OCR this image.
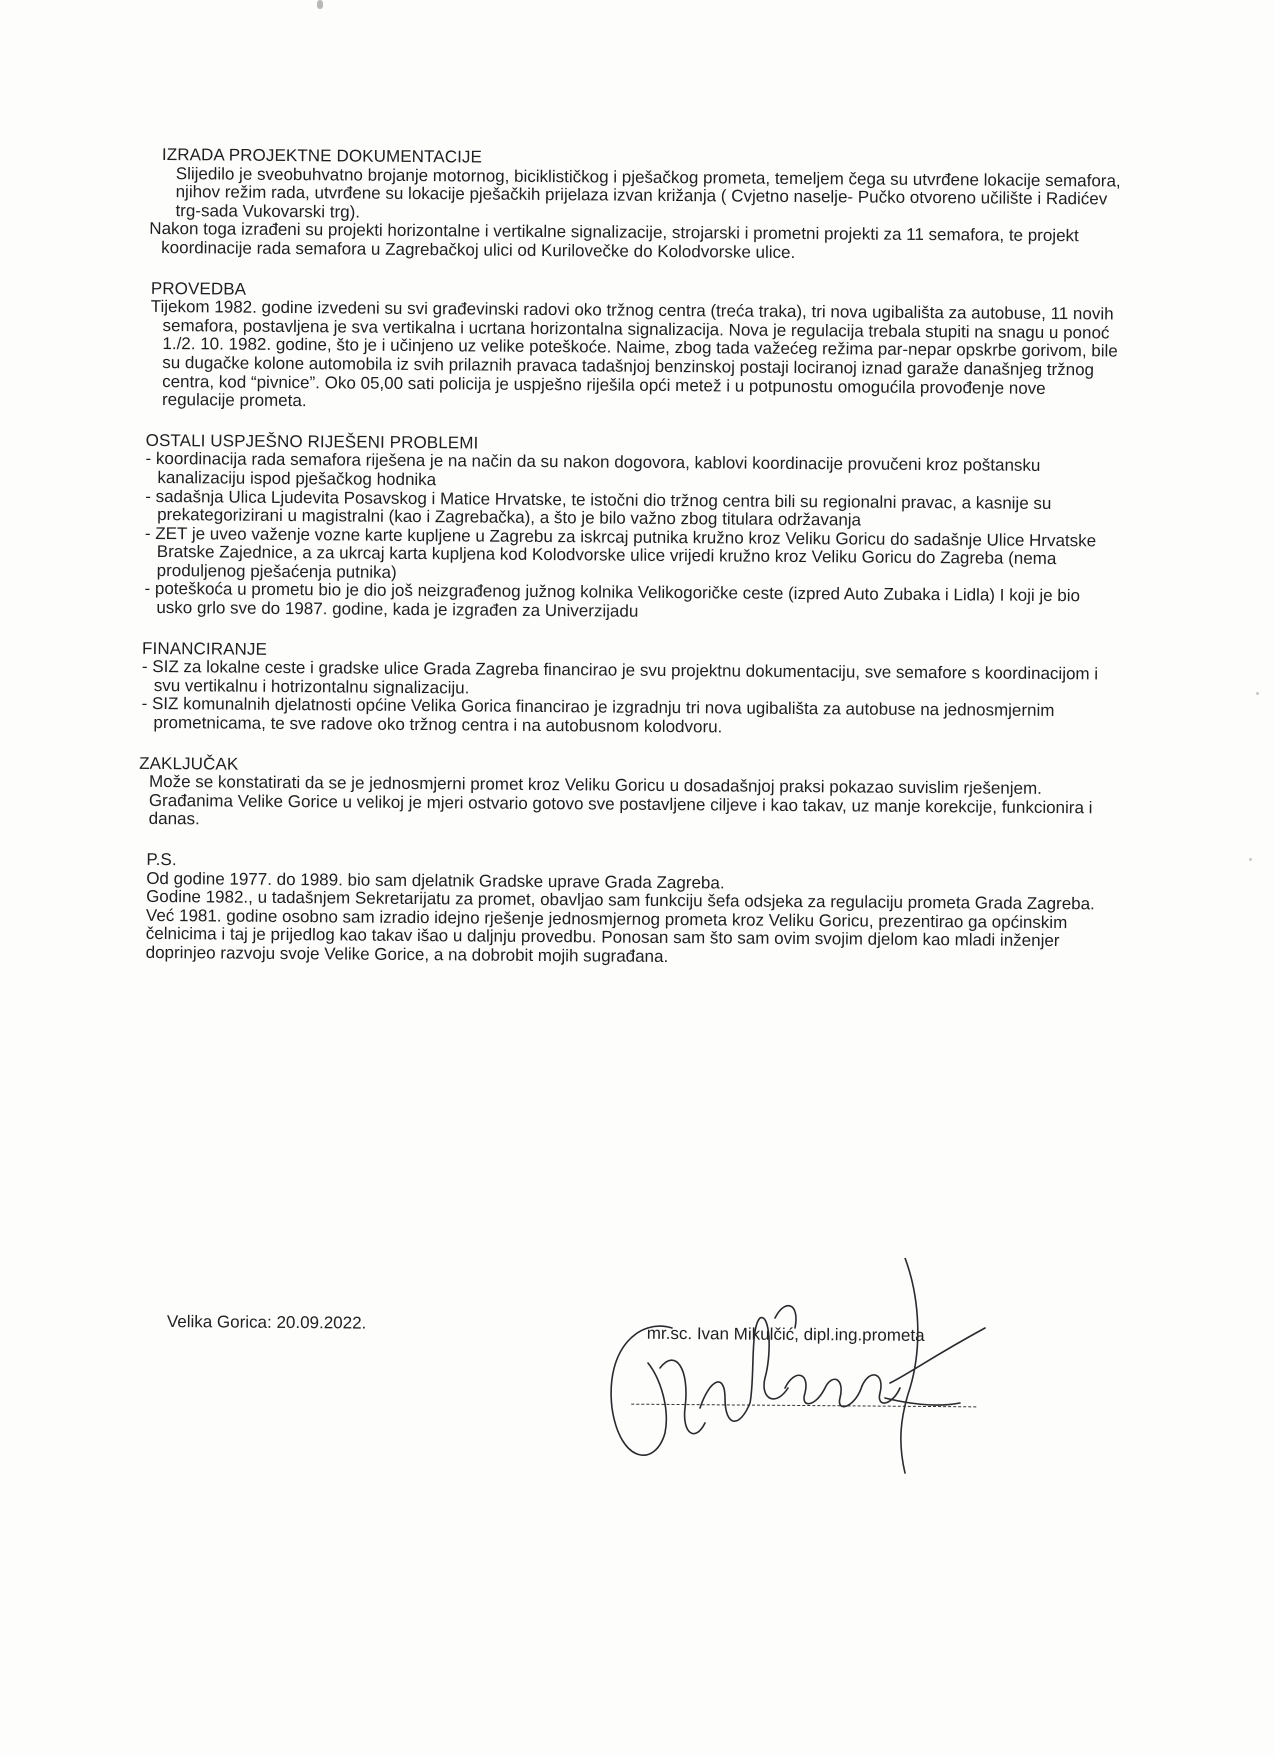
IZRADA PROJEKTNE DOKUMENTACIJE

Slijedilo je sveobuhvatno brojanje motornog, biciklističkog i pješačkog prometa, temeljem čega su utvrđene lokacije semafora, njihov režim rada, utvrđene su lokacije pješačkih prijelaza izvan križanja ( Cvjetno naselje- Pučko otvoreno učilište i Radićev trg-sada Vukovarski trg).

Nakon toga izrađeni su projekti horizontalne i vertikalne signalizacije, strojarski i prometni projekti za 11 semafora, te projekt koordinacije rada semafora u Zagrebačkoj ulici od Kurilovečke do Kolodvorske ulice.

PROVEDBA

Tijekom 1982. godine izvedeni su svi građevinski radovi oko tržnog centra (treća traka), tri nova ugibališta za autobuse, 11 novih semafora, postavljena je sva vertikalna i ucrtana horizontalna signalizacija. Nova je regulacija trebala stupiti na snagu u ponoć 1./2. 10. 1982. godine, što je i učinjeno uz velike poteškoće. Naime, zbog tada važećeg režima par-nepar opskrbe gorivom, bile su dugačke kolone automobila iz svih prilaznih pravaca tadašnjoj benzinskoj postaji lociranoj iznad garaže današnjeg tržnog centra, kod “pivnice”. Oko 05,00 sati policija je uspješno riješila opći metež i u potpunostu omogućila provođenje nove regulacije prometa.

OSTALI USPJEŠNO RIJEŠENI PROBLEMI

- koordinacija rada semafora riješena je na način da su nakon dogovora, kablovi koordinacije provučeni kroz poštansku kanalizaciju ispod pješačkog hodnika

- sadašnja Ulica Ljudevita Posavskog i Matice Hrvatske, te istočni dio tržnog centra bili su regionalni pravac, a kasnije su prekategorizirani u magistralni (kao i Zagrebačka), a što je bilo važno zbog titulara održavanja

- ZET je uveo važenje vozne karte kupljene u Zagrebu za iskrcaj putnika kružno kroz Veliku Goricu do sadašnje Ulice Hrvatske Bratske Zajednice, a za ukrcaj karta kupljena kod Kolodvorske ulice vrijedi kružno kroz Veliku Goricu do Zagreba (nema produljenog pješaćenja putnika)

- poteškoća u prometu bio je dio još neizgrađenog južnog kolnika Velikogoričke ceste (izpred Auto Zubaka i Lidla) I koji je bio usko grlo sve do 1987. godine, kada je izgrađen za Univerzijadu

FINANCIRANJE

- SIZ za lokalne ceste i gradske ulice Grada Zagreba financirao je svu projektnu dokumentaciju, sve semafore s koordinacijom i svu vertikalnu i hotrizontalnu signalizaciju.

- SIZ komunalnih djelatnosti općine Velika Gorica financirao je izgradnju tri nova ugibališta za autobuse na jednosmjernim prometnicama, te sve radove oko tržnog centra i na autobusnom kolodvoru.

ZAKLJUČAK

Može se konstatirati da se je jednosmjerni promet kroz Veliku Goricu u dosadašnjoj praksi pokazao suvislim rješenjem. Građanima Velike Gorice u velikoj je mjeri ostvario gotovo sve postavljene ciljeve i kao takav, uz manje korekcije, funkcionira i danas.

P.S.

Od godine 1977. do 1989. bio sam djelatnik Gradske uprave Grada Zagreba.

Godine 1982., u tadašnjem Sekretarijatu za promet, obavljao sam funkciju šefa odsjeka za regulaciju prometa Grada Zagreba. Već 1981. godine osobno sam izradio idejno rješenje jednosmjernog prometa kroz Veliku Goricu, prezentirao ga općinskim čelnicima i taj je prijedlog kao takav išao u daljnju provedbu. Ponosan sam što sam ovim svojim djelom kao mladi inženjer doprinjeo razvoju svoje Velike Gorice, a na dobrobit mojih sugrađana.

Velika Gorica: 20.09.2022.
mr.sc. Ivan Mikulčić, dipl.ing.prometa
